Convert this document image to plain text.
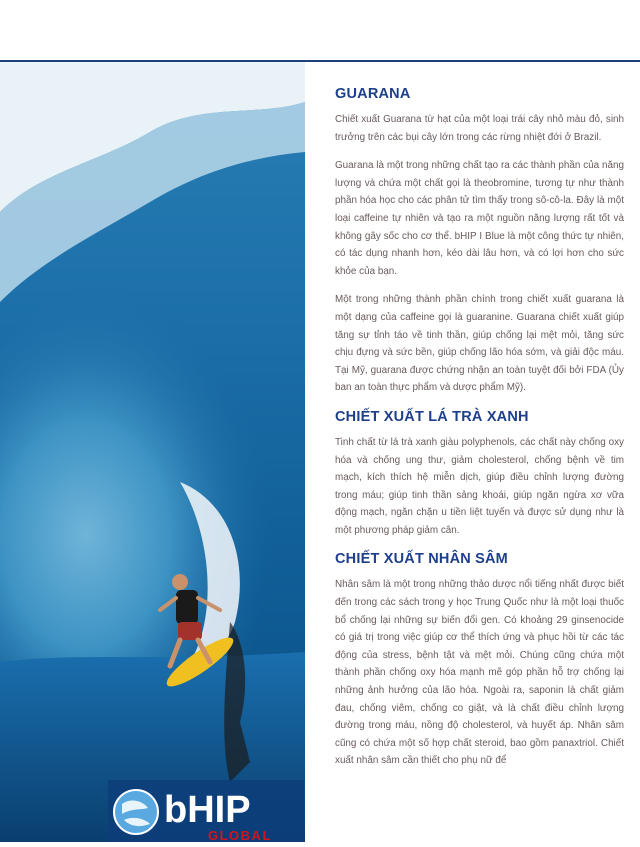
GUARANA

Chiết xuất Guarana từ hạt của một loại trái cây nhỏ màu đỏ, sinh trưởng trên các bụi cây lớn trong các rừng nhiệt đới ở Brazil.

Guarana là một trong những chất tạo ra các thành phần của năng lượng và chứa một chất gọi là theobromine, tương tự như thành phần hóa học cho các phân tử tìm thấy trong sô-cô-la. Đây là một loại caffeine tự nhiên và tạo ra một nguồn năng lượng rất tốt và không gây sốc cho cơ thể. bHIP I Blue là một công thức tự nhiên, có tác dụng nhanh hơn, kéo dài lâu hơn, và có lợi hơn cho sức khỏe của bạn.

Một trong những thành phần chính trong chiết xuất guarana là một dạng của caffeine gọi là guaranine. Guarana chiết xuất giúp tăng sự tỉnh táo về tinh thần, giúp chống lại mệt mỏi, tăng sức chịu đựng và sức bền, giúp chống lão hóa sớm, và giải độc máu. Tại Mỹ, guarana được chứng nhận an toàn tuyệt đối bởi FDA (Ủy ban an toàn thực phẩm và dược phẩm Mỹ).

CHIẾT XUẤT LÁ TRÀ XANH

Tinh chất từ lá trà xanh giàu polyphenols, các chất này chống oxy hóa và chống ung thư, giảm cholesterol, chống bệnh về tim mạch, kích thích hệ miễn dịch, giúp điều chỉnh lượng đường trong máu; giúp tinh thần sảng khoái, giúp ngăn ngừa xơ vữa động mạch, ngăn chặn u tiền liệt tuyến và được sử dụng như là một phương pháp giảm cân.

CHIẾT XUẤT NHÂN SÂM

Nhân sâm là một trong những thảo dược nổi tiếng nhất được biết đến trong các sách trong y học Trung Quốc như là một loại thuốc bổ chống lại những sự biến đổi gen. Có khoảng 29 ginsenocide có giá trị trong việc giúp cơ thể thích ứng và phục hồi từ các tác động của stress, bệnh tật và mệt mỏi. Chúng cũng chứa một thành phần chống oxy hóa mạnh mẽ góp phần hỗ trợ chống lại những ảnh hưởng của lão hóa. Ngoài ra, saponin là chất giảm đau, chống viêm, chống co giật, và là chất điều chỉnh lượng đường trong máu, nồng độ cholesterol, và huyết áp. Nhân sâm cũng có chứa một số hợp chất steroid, bao gồm panaxtriol. Chiết xuất nhân sâm cần thiết cho phụ nữ để

bHIP
GLOBAL
